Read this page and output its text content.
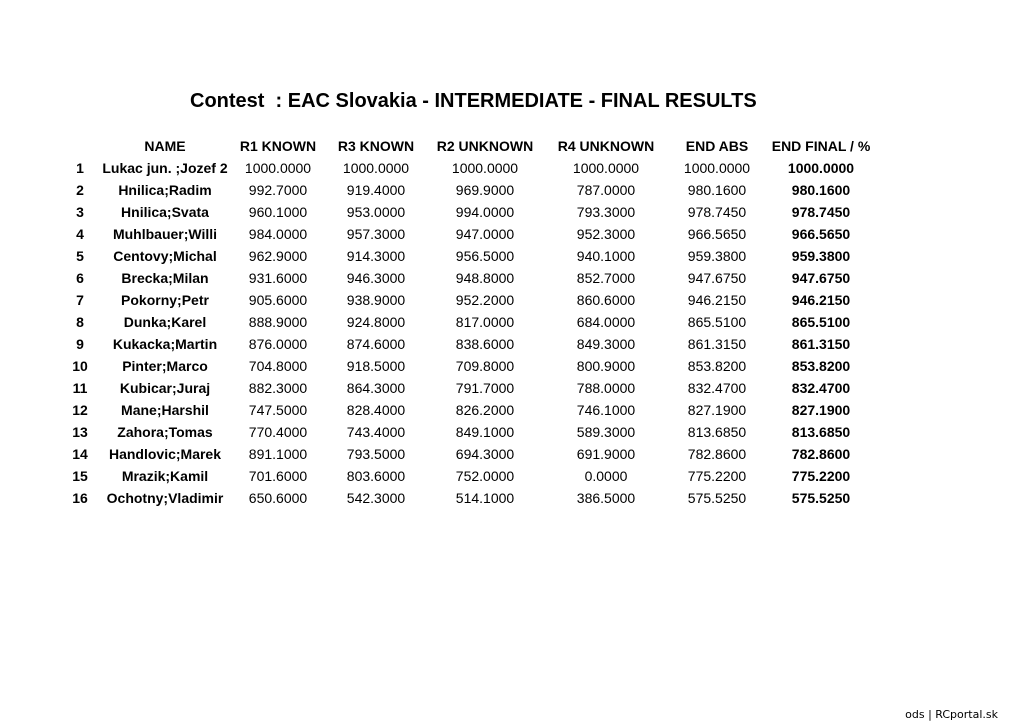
Contest  : EAC Slovakia - INTERMEDIATE - FINAL RESULTS
	NAME	R1 KNOWN	R3 KNOWN	R2 UNKNOWN	R4 UNKNOWN	END ABS	END FINAL / %
1	Lukac jun. ;Jozef 2	1000.0000	1000.0000	1000.0000	1000.0000	1000.0000	1000.0000
2	Hnilica;Radim	992.7000	919.4000	969.9000	787.0000	980.1600	980.1600
3	Hnilica;Svata	960.1000	953.0000	994.0000	793.3000	978.7450	978.7450
4	Muhlbauer;Willi	984.0000	957.3000	947.0000	952.3000	966.5650	966.5650
5	Centovy;Michal	962.9000	914.3000	956.5000	940.1000	959.3800	959.3800
6	Brecka;Milan	931.6000	946.3000	948.8000	852.7000	947.6750	947.6750
7	Pokorny;Petr	905.6000	938.9000	952.2000	860.6000	946.2150	946.2150
8	Dunka;Karel	888.9000	924.8000	817.0000	684.0000	865.5100	865.5100
9	Kukacka;Martin	876.0000	874.6000	838.6000	849.3000	861.3150	861.3150
10	Pinter;Marco	704.8000	918.5000	709.8000	800.9000	853.8200	853.8200
11	Kubicar;Juraj	882.3000	864.3000	791.7000	788.0000	832.4700	832.4700
12	Mane;Harshil	747.5000	828.4000	826.2000	746.1000	827.1900	827.1900
13	Zahora;Tomas	770.4000	743.4000	849.1000	589.3000	813.6850	813.6850
14	Handlovic;Marek	891.1000	793.5000	694.3000	691.9000	782.8600	782.8600
15	Mrazik;Kamil	701.6000	803.6000	752.0000	0.0000	775.2200	775.2200
16	Ochotny;Vladimir	650.6000	542.3000	514.1000	386.5000	575.5250	575.5250
ods | RCportal.sk
